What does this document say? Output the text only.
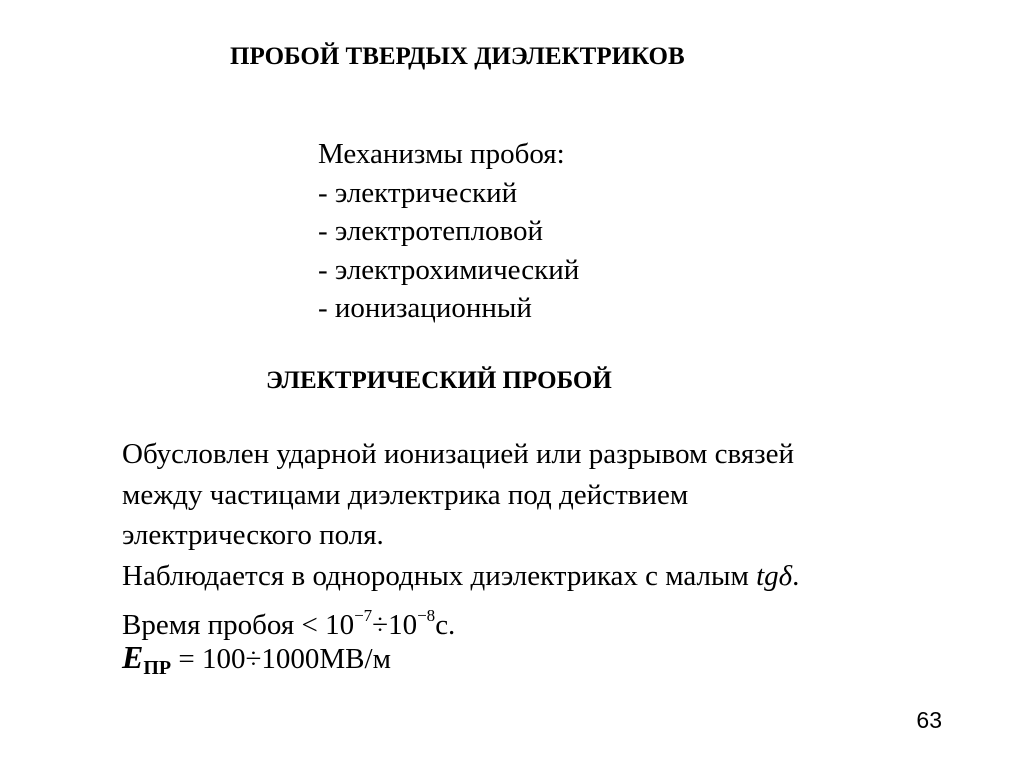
ПРОБОЙ ТВЕРДЫХ ДИЭЛЕКТРИКОВ
Механизмы пробоя:
- электрический
- электротепловой
- электрохимический
- ионизационный
ЭЛЕКТРИЧЕСКИЙ ПРОБОЙ
Обусловлен ударной ионизацией или разрывом связей
между частицами диэлектрика под действием
электрического поля.
Наблюдается в однородных диэлектриках с малым tgδ.
Время пробоя < $10^{-7}\div 10^{-8}с$.
$E_{ПР} = 100\div 1000МВ/м$
63
